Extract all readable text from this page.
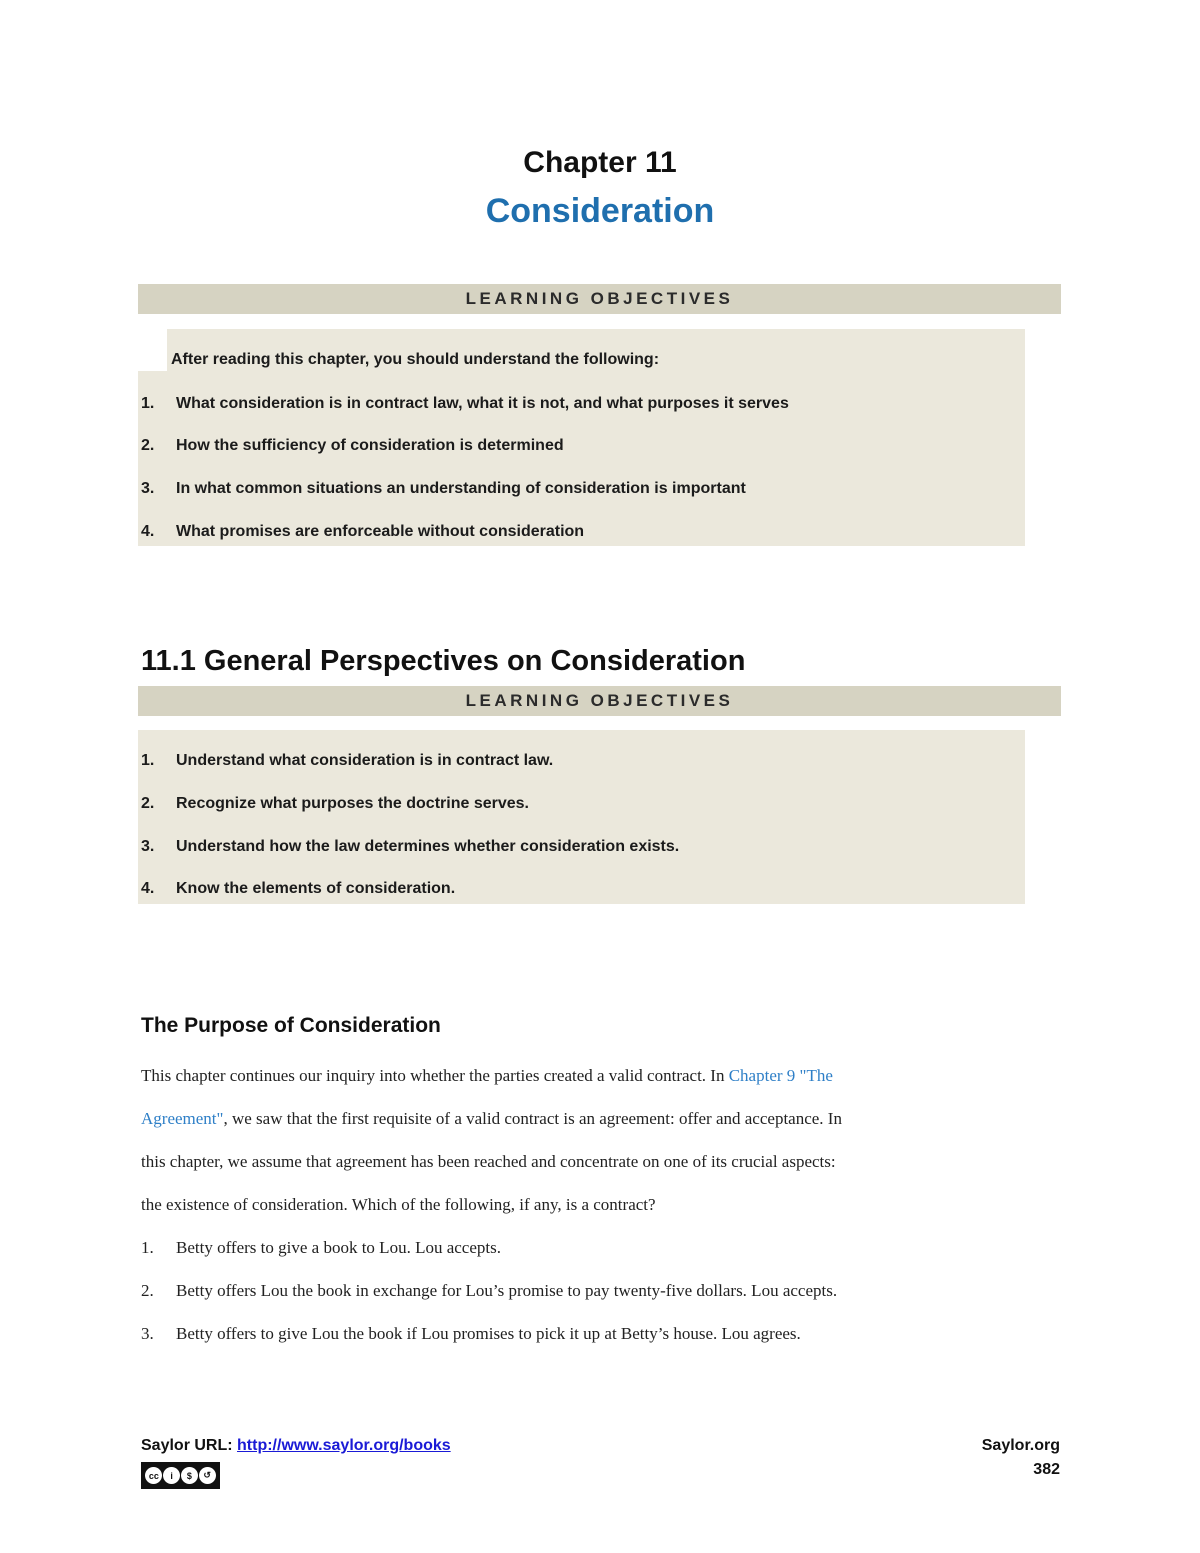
Chapter 11
Consideration
LEARNING OBJECTIVES
After reading this chapter, you should understand the following:
1. What consideration is in contract law, what it is not, and what purposes it serves
2. How the sufficiency of consideration is determined
3. In what common situations an understanding of consideration is important
4. What promises are enforceable without consideration
11.1 General Perspectives on Consideration
LEARNING OBJECTIVES
1. Understand what consideration is in contract law.
2. Recognize what purposes the doctrine serves.
3. Understand how the law determines whether consideration exists.
4. Know the elements of consideration.
The Purpose of Consideration
This chapter continues our inquiry into whether the parties created a valid contract. In Chapter 9 "The
Agreement", we saw that the first requisite of a valid contract is an agreement: offer and acceptance. In
this chapter, we assume that agreement has been reached and concentrate on one of its crucial aspects:
the existence of consideration. Which of the following, if any, is a contract?
1. Betty offers to give a book to Lou. Lou accepts.
2. Betty offers Lou the book in exchange for Lou’s promise to pay twenty-five dollars. Lou accepts.
3. Betty offers to give Lou the book if Lou promises to pick it up at Betty’s house. Lou agrees.
Saylor URL: http://www.saylor.org/books	Saylor.org
382
cc	i	$	↺
